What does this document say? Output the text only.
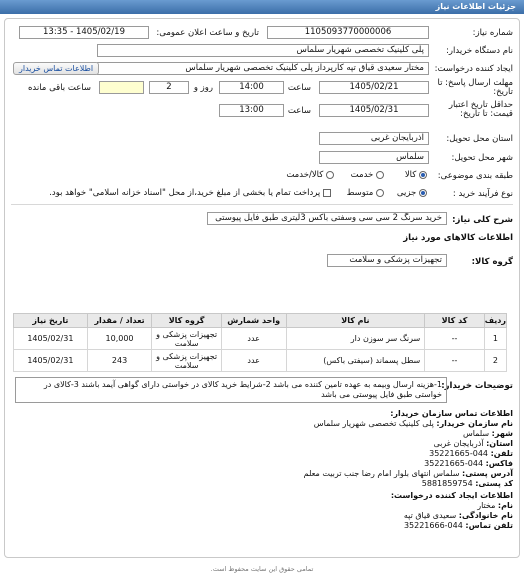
جزئیات اطلاعات نیاز
شماره نیاز:
1105093770000006
تاریخ و ساعت اعلان عمومی:
1405/02/19 - 13:35
نام دستگاه خریدار:
پلی کلینیک تخصصی شهریار سلماس
ایجاد کننده درخواست:
مختار سعیدی قیاق تپه کارپرداز پلی کلینیک تخصصی شهریار سلماس
اطلاعات تماس خریدار
مهلت ارسال پاسخ: تا
تاریخ:
1405/02/21
ساعت
14:00
2	روز و
ساعت باقی مانده
حداقل تاریخ اعتبار قیمت: تا تاریخ:
1405/02/31
ساعت
13:00
استان محل تحویل:
آذربایجان غربی
شهر محل تحویل:
سلماس
طبقه بندی موضوعی:
کالا
خدمت
کالا/خدمت
نوع فرآیند خرید :
جزیی
متوسط
پرداخت تمام یا بخشی از مبلغ خرید،از محل "اسناد خزانه اسلامی" خواهد بود.
شرح کلی نیاز:
خرید سرنگ 2 سی سی وسفتی باکس 3لیتری طبق فایل پیوستی
اطلاعات کالاهای مورد نیاز
گروه کالا:
تجهیزات پزشکی و سلامت
ردیف	کد کالا	نام کالا	واحد شمارش	گروه کالا	تعداد / مقدار	تاریخ نیاز
1	--	سرنگ سر سوزن دار	عدد	تجهیزات پزشکی و سلامت	10,000	1405/02/31
2	--	سطل پسماند (سیفتی باکس)	عدد	تجهیزات پزشکی و سلامت	243	1405/02/31
توضیحات خریدار:
1-هزینه ارسال وبیمه به عهده تامین کننده می باشد 2-شرایط خرید کالای در خواستی دارای گواهی آیمد باشند 3-کالای در خواستی طبق فایل پیوستی می باشد
اطلاعات تماس سازمان خریدار:
نام سازمان خریدار: پلی کلینیک تخصصی شهریار سلماس
شهر: سلماس
استان: آذربایجان غربی
تلفن: 044-35221665
فاکس: 044-35221665
آدرس پستی: سلماس انتهای بلوار امام رضا جنب تربیت معلم
کد پستی: 5881859754
اطلاعات ایجاد کننده درخواست:
نام: مختار
نام خانوادگی: سعیدی قیاق تپه
تلفن تماس: 044-35221666
تمامی حقوق این سایت محفوظ است.
